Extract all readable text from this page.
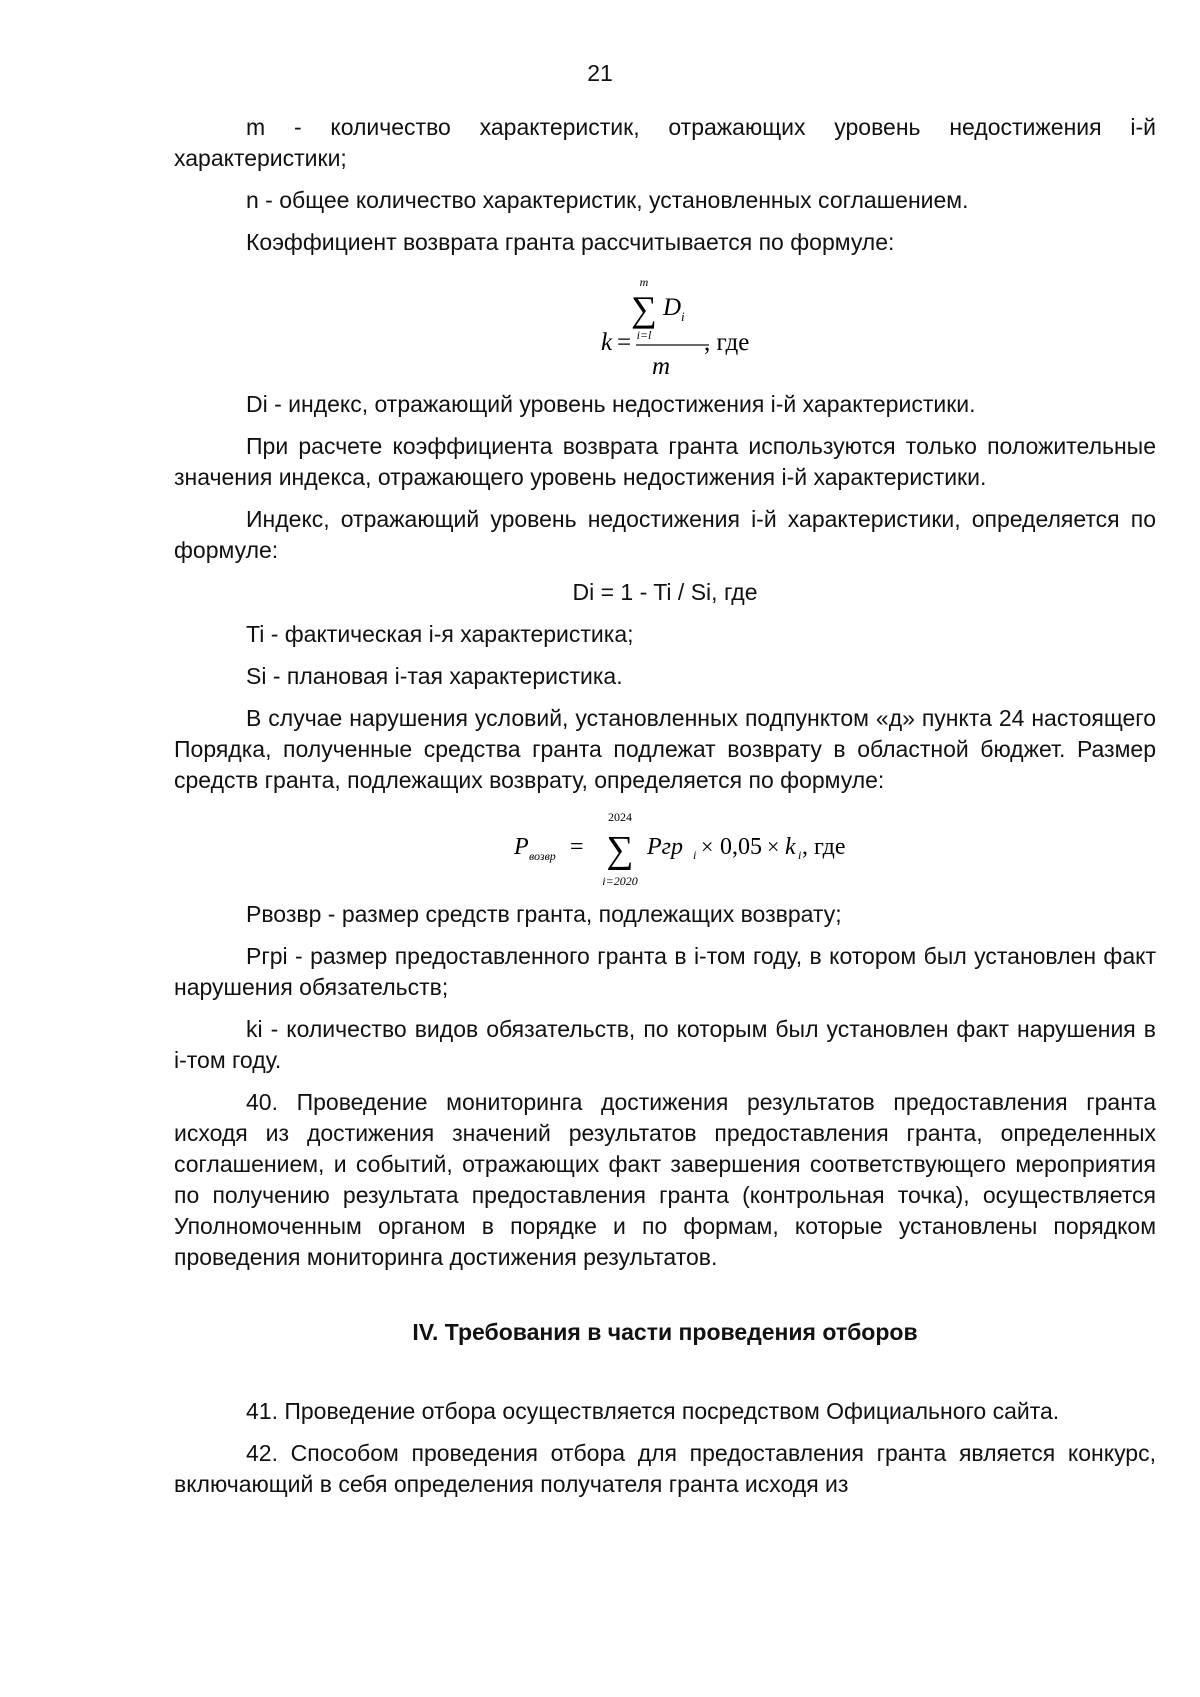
21

m - количество характеристик, отражающих уровень недостижения i-й характеристики;

n - общее количество характеристик, установленных соглашением.

Коэффициент возврата гранта рассчитывается по формуле:

m
∑ D i
i=l
k =	, где
m

Di - индекс, отражающий уровень недостижения i-й характеристики.

При расчете коэффициента возврата гранта используются только положительные значения индекса, отражающего уровень недостижения i-й характеристики.

Индекс, отражающий уровень недостижения i-й характеристики, определяется по формуле:

Di = 1 - Ti / Si, где

Ti - фактическая i-я характеристика;

Si - плановая i-тая характеристика.

В случае нарушения условий, установленных подпунктом «д» пункта 24 настоящего Порядка, полученные средства гранта подлежат возврату в областной бюджет. Размер средств гранта, подлежащих возврату, определяется по формуле:

P возвр =
2024
∑
i=2020
Pгр i × 0,05 × k i , где

Рвозвр - размер средств гранта, подлежащих возврату;

Ргрi - размер предоставленного гранта в i-том году, в котором был установлен факт нарушения обязательств;

ki - количество видов обязательств, по которым был установлен факт нарушения в i-том году.

40. Проведение мониторинга достижения результатов предоставления гранта исходя из достижения значений результатов предоставления гранта, определенных соглашением, и событий, отражающих факт завершения соответствующего мероприятия по получению результата предоставления гранта (контрольная точка), осуществляется Уполномоченным органом в порядке и по формам, которые установлены порядком проведения мониторинга достижения результатов.

IV. Требования в части проведения отборов

41. Проведение отбора осуществляется посредством Официального сайта.

42. Способом проведения отбора для предоставления гранта является конкурс, включающий в себя определения получателя гранта исходя из
